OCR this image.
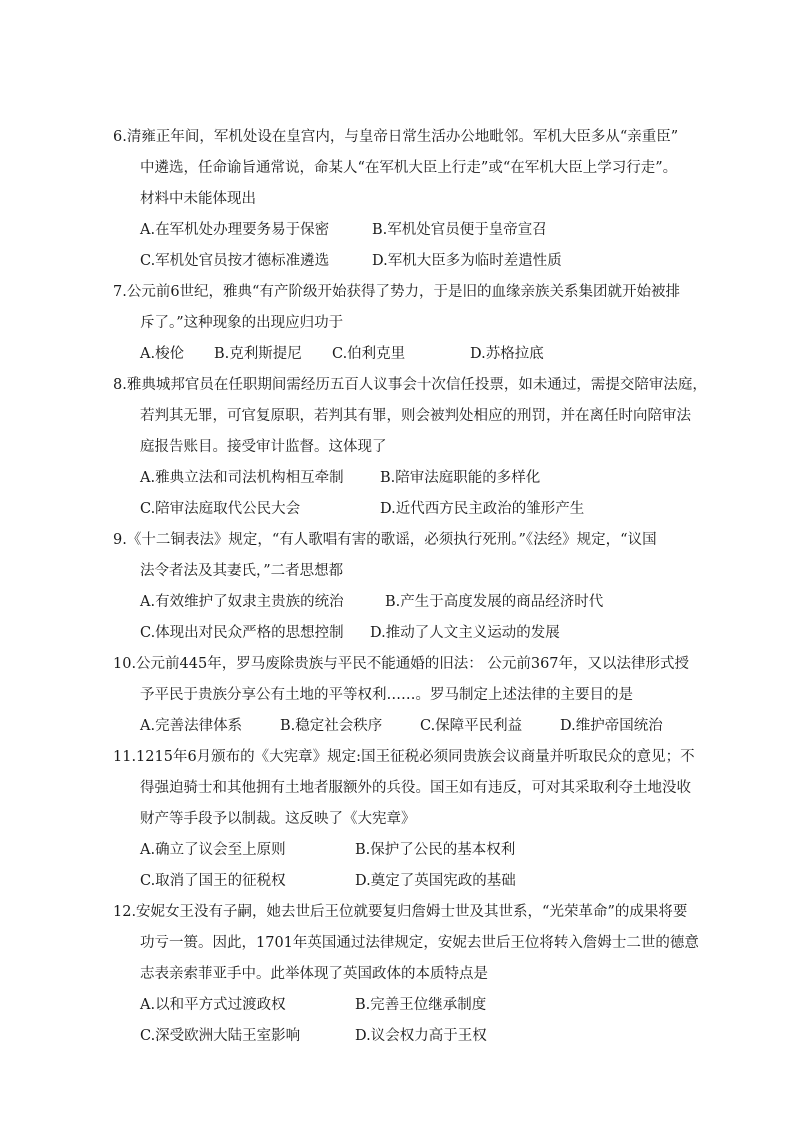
6.清雍正年间，军机处设在皇宫内，与皇帝日常生活办公地毗邻。军机大臣多从“亲重臣”
中遴选，任命谕旨通常说，命某人“在军机大臣上行走”或“在军机大臣上学习行走”。
材料中未能体现出
A.在军机处办理要务易于保密	B.军机处官员便于皇帝宣召
C.军机处官员按才德标准遴选	D.军机大臣多为临时差遣性质
7.公元前6世纪，雅典“有产阶级开始获得了势力，于是旧的血缘亲族关系集团就开始被排
斥了。”这种现象的出现应归功于
A.梭伦 B.克利斯提尼 C.伯利克里	D.苏格拉底
8.雅典城邦官员在任职期间需经历五百人议事会十次信任投票，如未通过，需提交陪审法庭，
若判其无罪，可官复原职，若判其有罪，则会被判处相应的刑罚，并在离任时向陪审法
庭报告账目。接受审计监督。这体现了
A.雅典立法和司法机构相互牵制	B.陪审法庭职能的多样化
C.陪审法庭取代公民大会	D.近代西方民主政治的雏形产生
9.《十二铜表法》规定，“有人歌唱有害的歌谣，必须执行死刑。”《法经》规定，“议国
法令者法及其妻氏，”二者思想都
A.有效维护了奴隶主贵族的统治	B.产生于高度发展的商品经济时代
C.体现出对民众严格的思想控制 D.推动了人文主义运动的发展
10.公元前445年，罗马废除贵族与平民不能通婚的旧法： 公元前367年，又以法律形式授
予平民于贵族分享公有土地的平等权利……。罗马制定上述法律的主要目的是
A.完善法律体系	B.稳定社会秩序	C.保障平民利益	D.维护帝国统治
11.1215年6月颁布的《大宪章》规定:国王征税必须同贵族会议商量并听取民众的意见；不
得强迫骑士和其他拥有土地者服额外的兵役。国王如有违反，可对其采取利夺土地没收
财产等手段予以制裁。这反映了《大宪章》
A.确立了议会至上原则	B.保护了公民的基本权利
C.取消了国王的征税权	D.奠定了英国宪政的基础
12.安妮女王没有子嗣，她去世后王位就要复归詹姆士世及其世系，“光荣革命”的成果将要
功亏一篑。因此，1701年英国通过法律规定，安妮去世后王位将转入詹姆士二世的德意
志表亲索菲亚手中。此举体现了英国政体的本质特点是
A.以和平方式过渡政权	B.完善王位继承制度
C.深受欧洲大陆王室影响	D.议会权力高于王权
